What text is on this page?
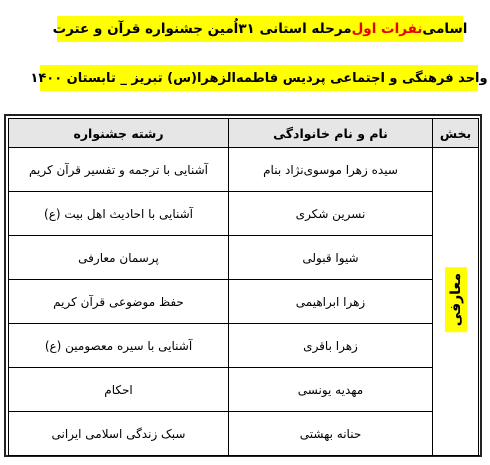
اسامی
نفرات اول
مرحله استانی ۳۱اُمین جشنواره قرآن و عترت
واحد فرهنگی و اجتماعی پردیس فاطمه‌الزهرا(س) تبریز _ تابستان ۱۴۰۰
بخش	نام و نام خانوادگی	رشته جشنواره
معارفی	سیده زهرا موسوی‌نژاد بنام	آشنایی با ترجمه و تفسیر قرآن کریم
	نسرین شکری	آشنایی با احادیث اهل بیت (ع)
	شیوا قبولی	پرسمان معارفی
	زهرا ابراهیمی	حفظ موضوعی قرآن کریم
	زهرا باقری	آشنایی با سیره معصومین (ع)
	مهدیه یونسی	احکام
	حنانه بهشتی	سبک زندگی اسلامی ایرانی
